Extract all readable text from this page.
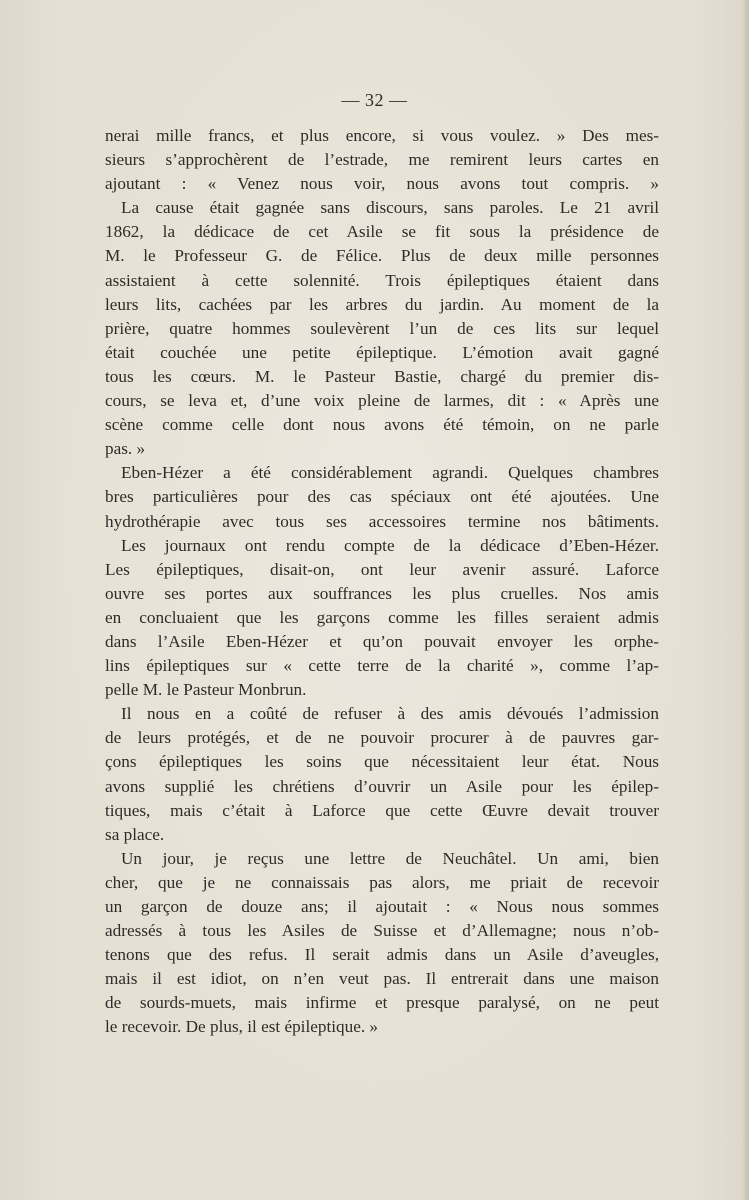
— 32 —
nerai mille francs, et plus encore, si vous voulez. » Des mes-
sieurs s’approchèrent de l’estrade, me remirent leurs cartes en
ajoutant : « Venez nous voir, nous avons tout compris. »
La cause était gagnée sans discours, sans paroles. Le 21 avril
1862, la dédicace de cet Asile se fit sous la présidence de
M. le Professeur G. de Félice. Plus de deux mille personnes
assistaient à cette solennité. Trois épileptiques étaient dans
leurs lits, cachées par les arbres du jardin. Au moment de la
prière, quatre hommes soulevèrent l’un de ces lits sur lequel
était couchée une petite épileptique. L’émotion avait gagné
tous les cœurs. M. le Pasteur Bastie, chargé du premier dis-
cours, se leva et, d’une voix pleine de larmes, dit : « Après une
scène comme celle dont nous avons été témoin, on ne parle
pas. »
Eben-Hézer a été considérablement agrandi. Quelques chambres
bres particulières pour des cas spéciaux ont été ajoutées. Une
hydrothérapie avec tous ses accessoires termine nos bâtiments.
Les journaux ont rendu compte de la dédicace d’Eben-Hézer.
Les épileptiques, disait-on, ont leur avenir assuré. Laforce
ouvre ses portes aux souffrances les plus cruelles. Nos amis
en concluaient que les garçons comme les filles seraient admis
dans l’Asile Eben-Hézer et qu’on pouvait envoyer les orphe-
lins épileptiques sur « cette terre de la charité », comme l’ap-
pelle M. le Pasteur Monbrun.
Il nous en a coûté de refuser à des amis dévoués l’admission
de leurs protégés, et de ne pouvoir procurer à de pauvres gar-
çons épileptiques les soins que nécessitaient leur état. Nous
avons supplié les chrétiens d’ouvrir un Asile pour les épilep-
tiques, mais c’était à Laforce que cette Œuvre devait trouver
sa place.
Un jour, je reçus une lettre de Neuchâtel. Un ami, bien
cher, que je ne connaissais pas alors, me priait de recevoir
un garçon de douze ans; il ajoutait : « Nous nous sommes
adressés à tous les Asiles de Suisse et d’Allemagne; nous n’ob-
tenons que des refus. Il serait admis dans un Asile d’aveugles,
mais il est idiot, on n’en veut pas. Il entrerait dans une maison
de sourds-muets, mais infirme et presque paralysé, on ne peut
le recevoir. De plus, il est épileptique. »
